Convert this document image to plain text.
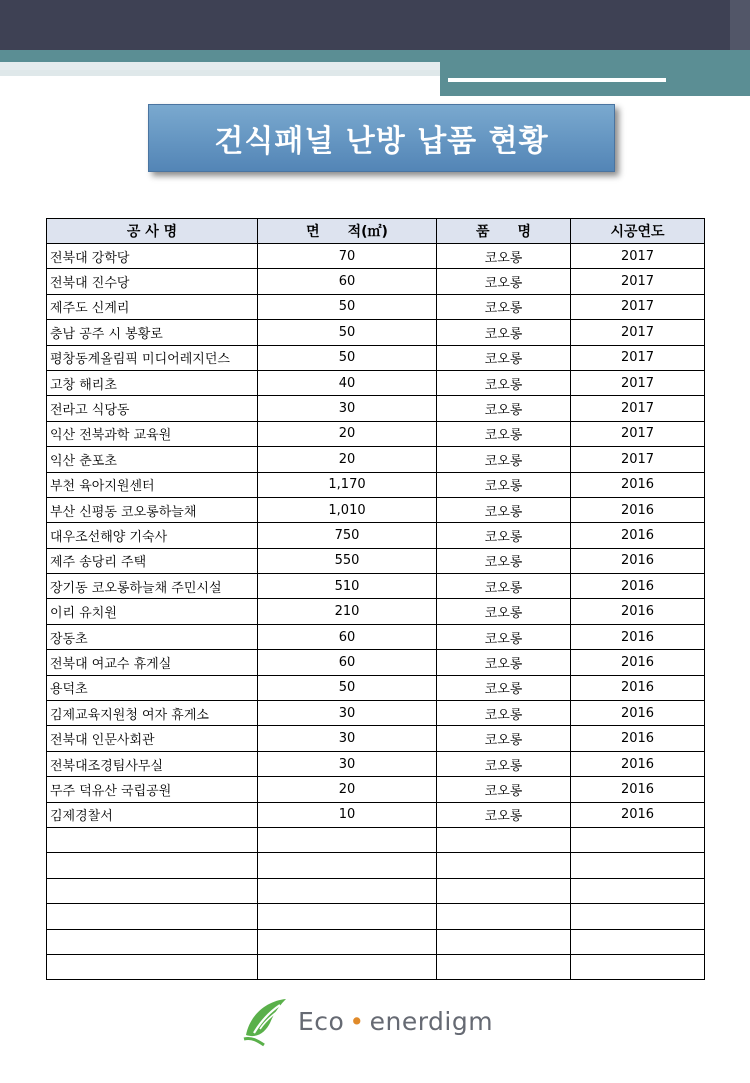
건식패널 난방 납품 현황
공 사 명	면　　적(㎡)	품　　명	시공연도
전북대 강학당	70	코오롱	2017
전북대 진수당	60	코오롱	2017
제주도 신계리	50	코오롱	2017
충남 공주 시 봉황로	50	코오롱	2017
평창동계올림픽 미디어레지던스	50	코오롱	2017
고창 해리초	40	코오롱	2017
전라고 식당동	30	코오롱	2017
익산 전북과학 교육원	20	코오롱	2017
익산 춘포초	20	코오롱	2017
부천 육아지원센터	1,170	코오롱	2016
부산 신평동 코오롱하늘채	1,010	코오롱	2016
대우조선해양 기숙사	750	코오롱	2016
제주 송당리 주택	550	코오롱	2016
장기동 코오롱하늘채 주민시설	510	코오롱	2016
이리 유치원	210	코오롱	2016
장동초	60	코오롱	2016
전북대 여교수 휴게실	60	코오롱	2016
용덕초	50	코오롱	2016
김제교육지원청 여자 휴게소	30	코오롱	2016
전북대 인문사회관	30	코오롱	2016
전북대조경팀사무실	30	코오롱	2016
무주 덕유산 국립공원	20	코오롱	2016
김제경찰서	10	코오롱	2016

Eco • enerdigm
